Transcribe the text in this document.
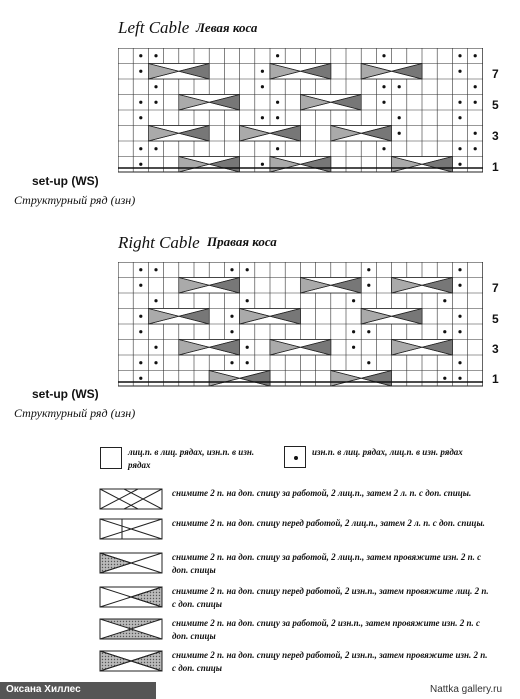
Left Cable Левая коса
7
5
3
1
set-up (WS)
Структурный ряд (изн)
Right Cable Правая коса
7
5
3
1
set-up (WS)
Структурный ряд (изн)
лиц.п. в лиц. рядах, изн.п. в изн. рядах
изн.п. в лиц. рядах, лиц.п. в изн. рядах
снимите 2 п. на доп. спицу за работой, 2 лиц.п., затем 2 л. п. с доп. спицы.
снимите 2 п. на доп. спицу перед работой, 2 лиц.п., затем 2 л. п. с доп. спицы.
снимите 2 п. на доп. спицу за работой, 2 лиц.п., затем провяжите изн. 2 п. с доп. спицы
снимите 2 п. на доп. спицу перед работой, 2 изн.п., затем провяжите лиц. 2 п. с доп. спицы
снимите 2 п. на доп. спицу за работой, 2 изн.п., затем провяжите изн. 2 п. с доп. спицы
снимите 2 п. на доп. спицу перед работой, 2 изн.п., затем провяжите изн. 2 п. с доп. спицы
Оксана Хиллес	Nattka gallery.ru
